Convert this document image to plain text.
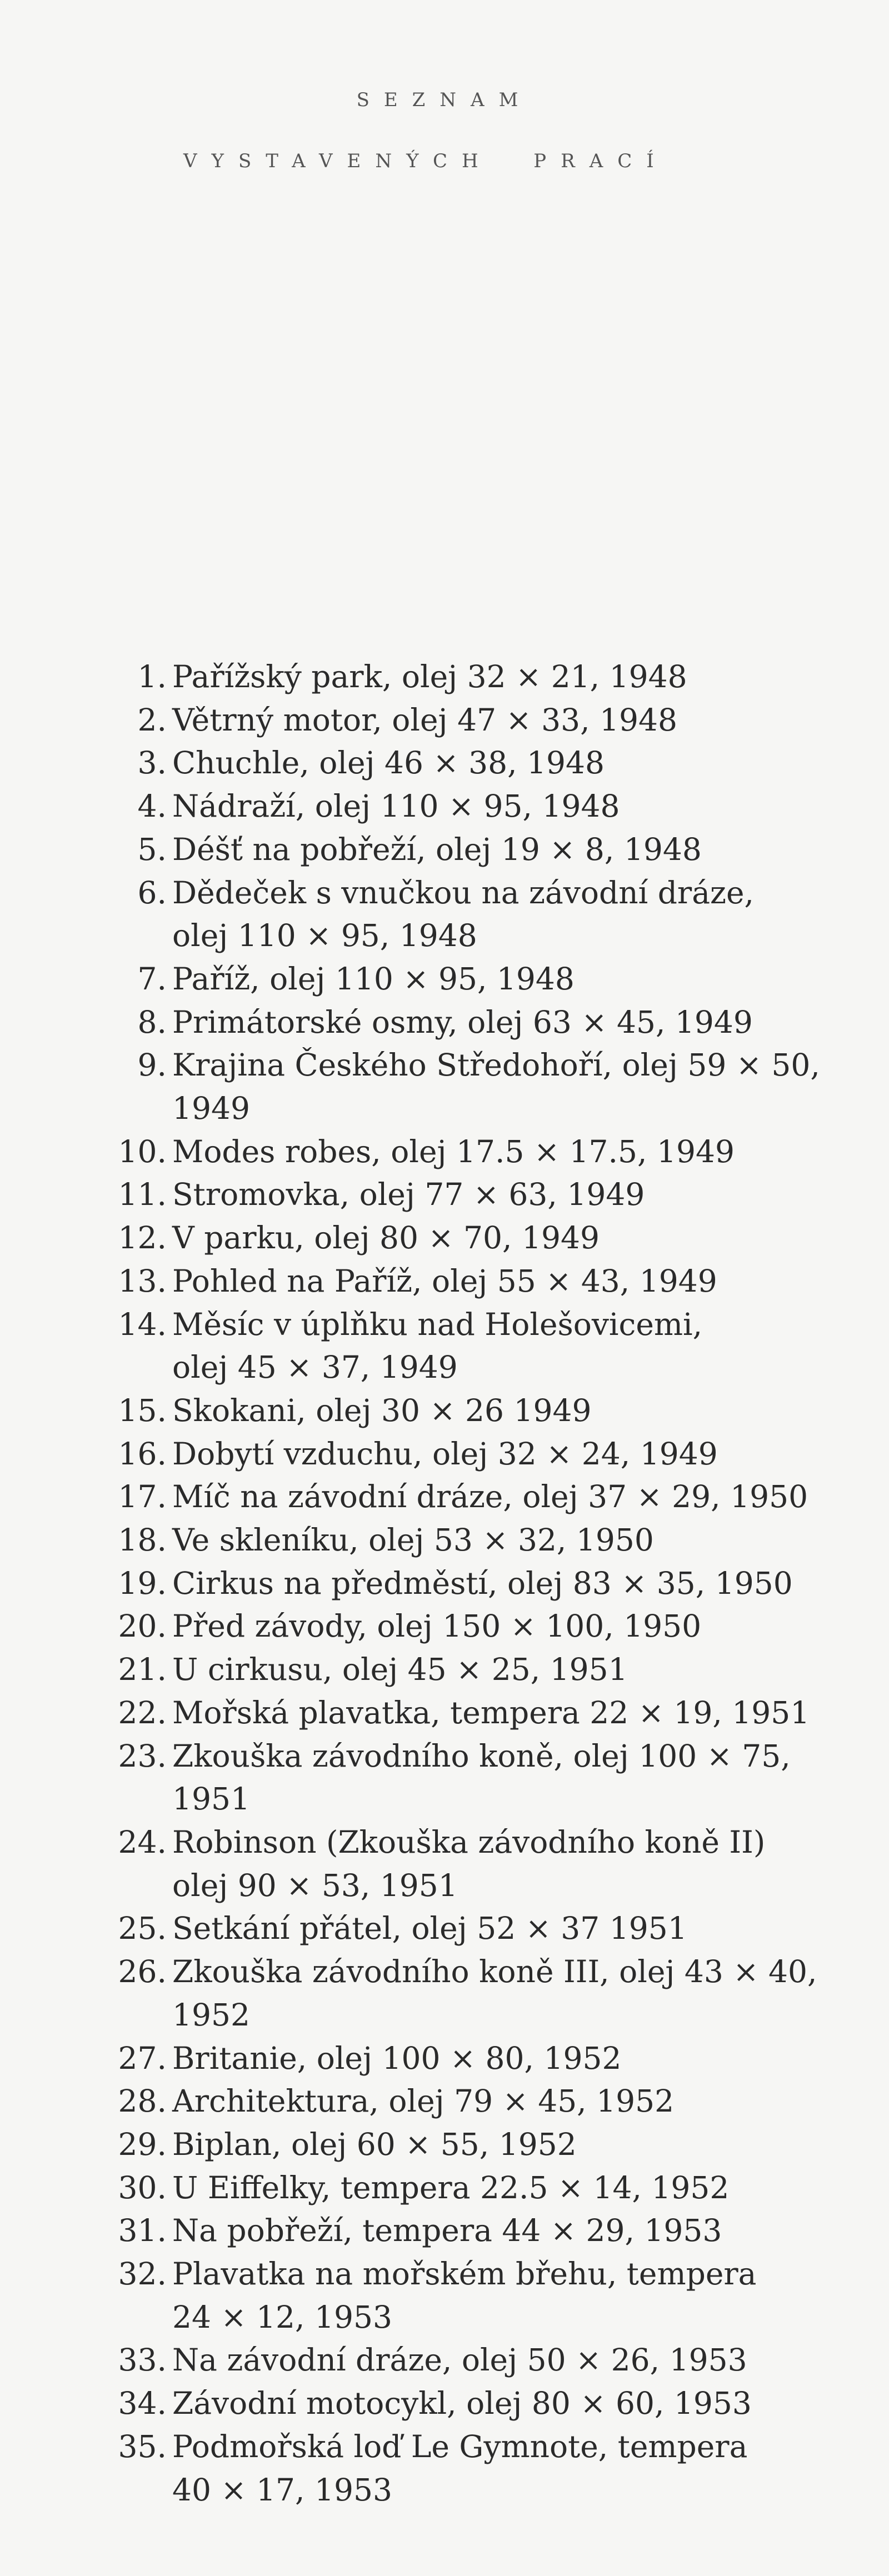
SEZNAM
VYSTAVENÝCH  PRACÍ
1. Pařížský park, olej 32 × 21, 1948
2. Větrný motor, olej 47 × 33, 1948
3. Chuchle, olej 46 × 38, 1948
4. Nádraží, olej 110 × 95, 1948
5. Déšť na pobřeží, olej 19 × 8, 1948
6. Dědeček s vnučkou na závodní dráze,
olej 110 × 95, 1948
7. Paříž, olej 110 × 95, 1948
8. Primátorské osmy, olej 63 × 45, 1949
9. Krajina Českého Středohoří, olej 59 × 50,
1949
10. Modes robes, olej 17.5 × 17.5, 1949
11. Stromovka, olej 77 × 63, 1949
12. V parku, olej 80 × 70, 1949
13. Pohled na Paříž, olej 55 × 43, 1949
14. Měsíc v úplňku nad Holešovicemi,
olej 45 × 37, 1949
15. Skokani, olej 30 × 26 1949
16. Dobytí vzduchu, olej 32 × 24, 1949
17. Míč na závodní dráze, olej 37 × 29, 1950
18. Ve skleníku, olej 53 × 32, 1950
19. Cirkus na předměstí, olej 83 × 35, 1950
20. Před závody, olej 150 × 100, 1950
21. U cirkusu, olej 45 × 25, 1951
22. Mořská plavatka, tempera 22 × 19, 1951
23. Zkouška závodního koně, olej 100 × 75,
1951
24. Robinson (Zkouška závodního koně II)
olej 90 × 53, 1951
25. Setkání přátel, olej 52 × 37 1951
26. Zkouška závodního koně III, olej 43 × 40,
1952
27. Britanie, olej 100 × 80, 1952
28. Architektura, olej 79 × 45, 1952
29. Biplan, olej 60 × 55, 1952
30. U Eiffelky, tempera 22.5 × 14, 1952
31. Na pobřeží, tempera 44 × 29, 1953
32. Plavatka na mořském břehu, tempera
24 × 12, 1953
33. Na závodní dráze, olej 50 × 26, 1953
34. Závodní motocykl, olej 80 × 60, 1953
35. Podmořská loď Le Gymnote, tempera
40 × 17, 1953
